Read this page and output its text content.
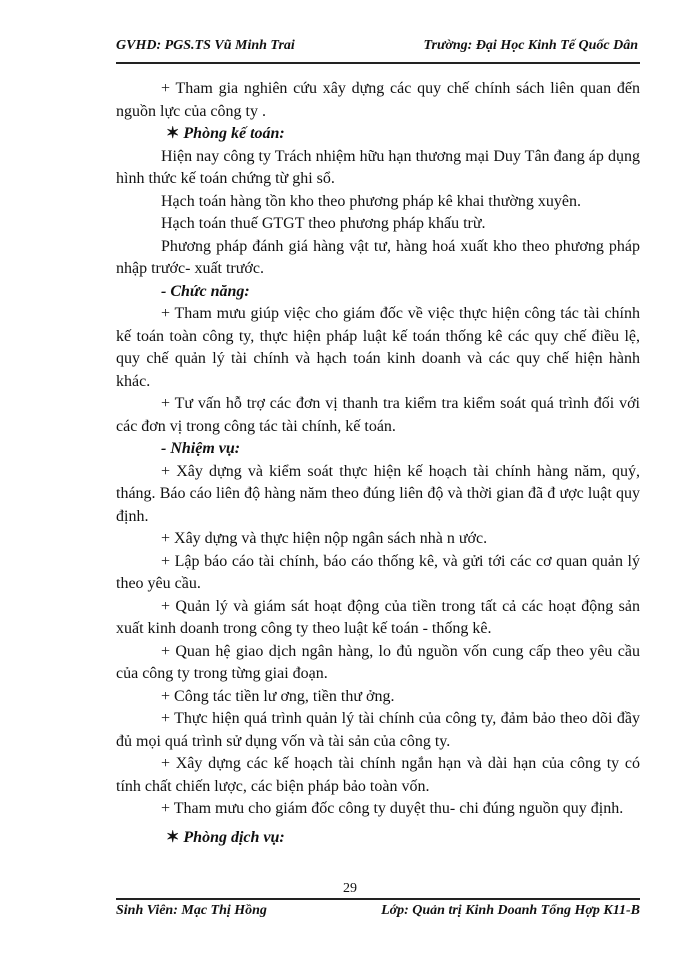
GVHD: PGS.TS Vũ Minh Trai	Trường: Đại Học Kinh Tế Quốc Dân

+ Tham gia nghiên cứu xây dựng các quy chế chính sách liên quan đến nguồn lực của công ty .

✶ Phòng kế toán:

Hiện nay công ty Trách nhiệm hữu hạn thương mại Duy Tân đang áp dụng hình thức kế toán chứng từ ghi sổ.

Hạch toán hàng tồn kho theo phương pháp kê khai thường xuyên.

Hạch toán thuế GTGT theo phương pháp khấu trừ.

Phương pháp đánh giá hàng vật tư, hàng hoá xuất kho theo phương pháp nhập trước- xuất trước.

- Chức năng:

+ Tham mưu giúp việc cho giám đốc về việc thực hiện công tác tài chính kế toán toàn công ty, thực hiện pháp luật kế toán thống kê các quy chế điều lệ, quy chế quản lý tài chính và hạch toán kinh doanh và các quy chế hiện hành khác.

+ Tư vấn hỗ trợ các đơn vị thanh tra kiểm tra kiểm soát quá trình đối với các đơn vị trong công tác tài chính, kế toán.

- Nhiệm vụ:

+ Xây dựng và kiểm soát thực hiện kế hoạch tài chính hàng năm, quý, tháng. Báo cáo liên độ hàng năm theo đúng liên độ và thời gian đã đ ược luật quy định.

+ Xây dựng và thực hiện nộp ngân sách nhà n ước.

+ Lập báo cáo tài chính, báo cáo thống kê, và gửi tới các cơ quan quản lý theo yêu cầu.

+ Quản lý và giám sát hoạt động của tiền trong tất cả các hoạt động sản xuất kinh doanh trong công ty theo luật kế toán - thống kê.

+ Quan hệ giao dịch ngân hàng, lo đủ nguồn vốn cung cấp theo yêu cầu của công ty trong từng giai đoạn.

+ Công tác tiền lư ơng, tiền thư ởng.

+ Thực hiện quá trình quản lý tài chính của công ty, đảm bảo theo dõi đầy đủ mọi quá trình sử dụng vốn và tài sản của công ty.

+ Xây dựng các kế hoạch tài chính ngắn hạn và dài hạn của công ty có tính chất chiến lược, các biện pháp bảo toàn vốn.

+ Tham mưu cho giám đốc công ty duyệt thu- chi đúng nguồn quy định.

✶ Phòng dịch vụ:

29
Sinh Viên: Mạc Thị Hồng	Lớp: Quản trị Kinh Doanh Tổng Hợp K11-B
